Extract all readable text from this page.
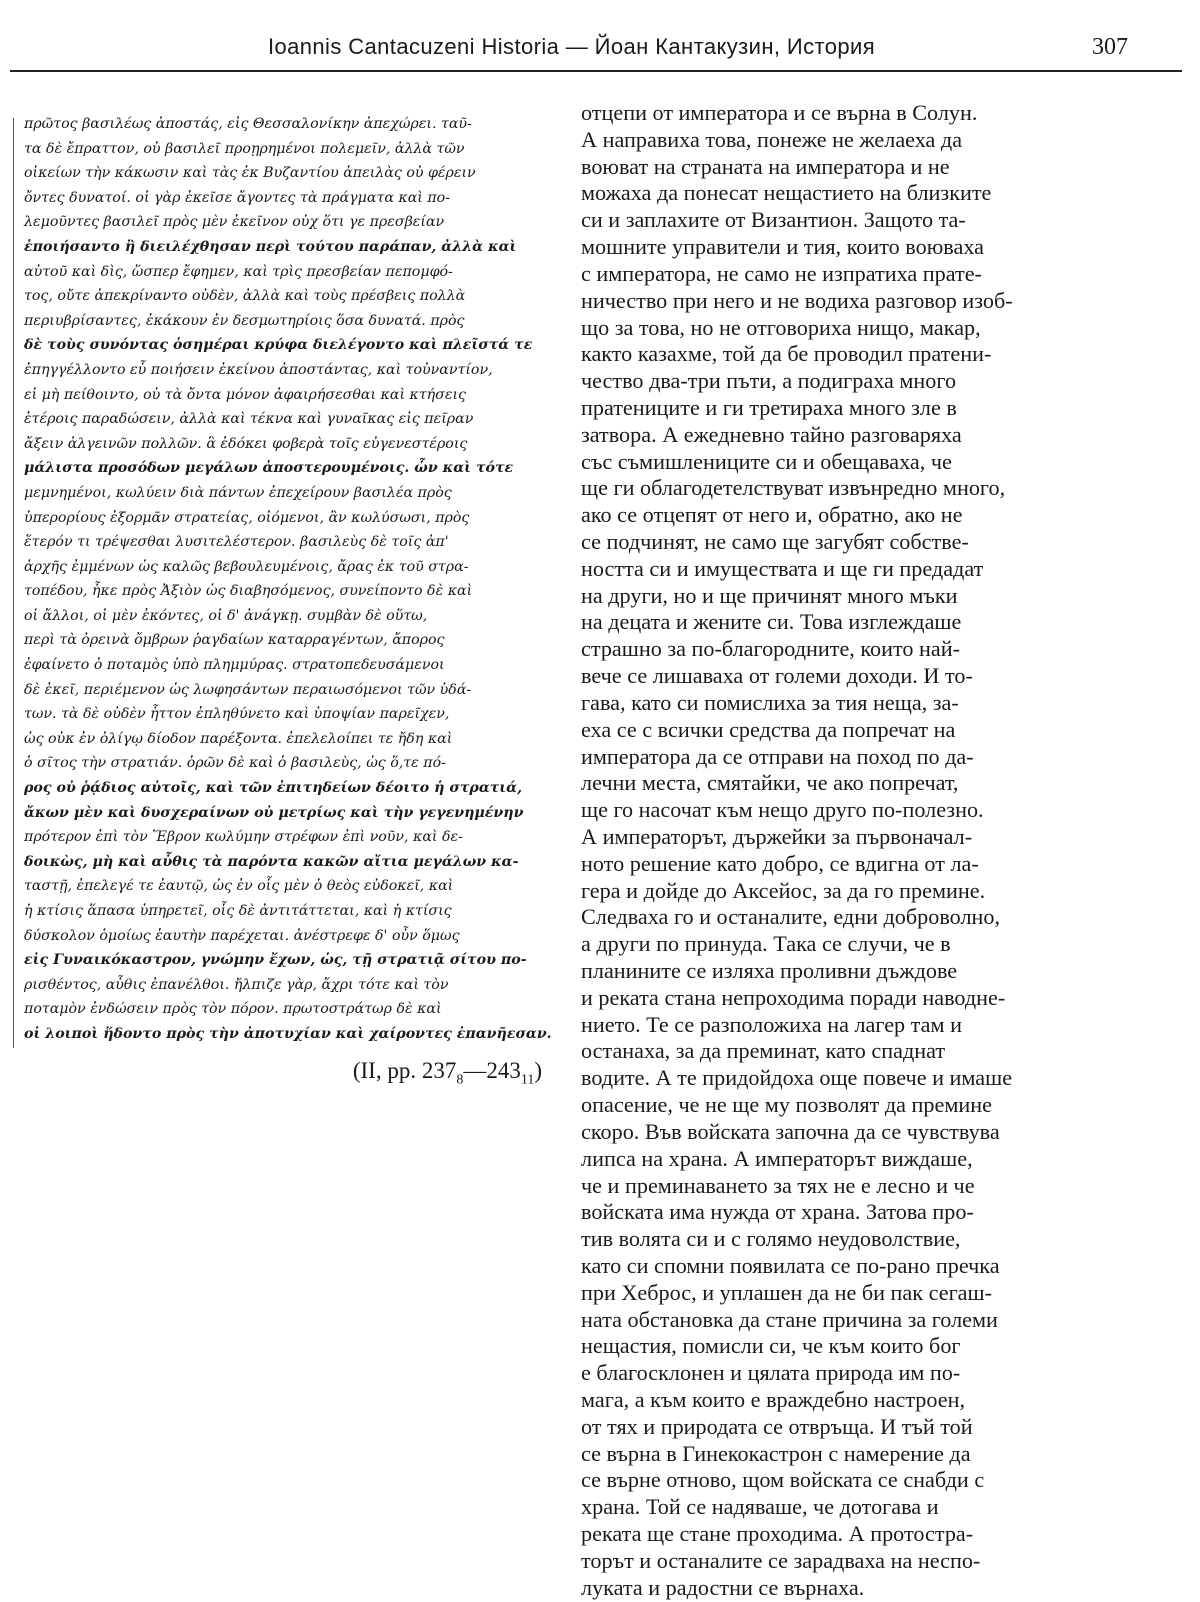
Ioannis Cantacuzeni Historia — Йоан Кантакузин, История	307
πρῶτος βασιλέως ἀποστάς, εἰς Θεσσαλονίκην ἀπεχώρει. ταῦ-
τα δὲ ἔπραττον, οὐ βασιλεῖ προῃρημένοι πολεμεῖν, ἀλλὰ τῶν
οἰκείων τὴν κάκωσιν καὶ τὰς ἐκ Βυζαντίου ἀπειλὰς οὐ φέρειν
ὄντες δυνατοί. οἱ γὰρ ἐκεῖσε ἄγοντες τὰ πράγματα καὶ πο-
λεμοῦντες βασιλεῖ πρὸς μὲν ἐκεῖνον οὐχ ὅτι γε πρεσβείαν
ἐποιήσαντο ἢ διειλέχθησαν περὶ τούτου παράπαν, ἀλλὰ καὶ
αὐτοῦ καὶ δὶς, ὥσπερ ἔφημεν, καὶ τρὶς πρεσβείαν πεπομφό-
τος, οὔτε ἀπεκρίναντο οὐδὲν, ἀλλὰ καὶ τοὺς πρέσβεις πολλὰ
περιυβρίσαντες, ἐκάκουν ἐν δεσμωτηρίοις ὅσα δυνατά. πρὸς
δὲ τοὺς συνόντας ὁσημέραι κρύφα διελέγοντο καὶ πλεῖστά τε
ἐπηγγέλλοντο εὖ ποιήσειν ἐκείνου ἀποστάντας, καὶ τοὐναντίον,
εἰ μὴ πείθοιντο, οὐ τὰ ὄντα μόνον ἀφαιρήσεσθαι καὶ κτήσεις
ἑτέροις παραδώσειν, ἀλλὰ καὶ τέκνα καὶ γυναῖκας εἰς πεῖραν
ἄξειν ἀλγεινῶν πολλῶν. ἃ ἐδόκει φοβερὰ τοῖς εὐγενεστέροις
μάλιστα προσόδων μεγάλων ἀποστερουμένοις. ὧν καὶ τότε
μεμνημένοι, κωλύειν διὰ πάντων ἐπεχείρουν βασιλέα πρὸς
ὑπερορίους ἐξορμᾶν στρατείας, οἰόμενοι, ἂν κωλύσωσι, πρὸς
ἕτερόν τι τρέψεσθαι λυσιτελέστερον. βασιλεὺς δὲ τοῖς ἀπ'
ἀρχῆς ἐμμένων ὡς καλῶς βεβουλευμένοις, ἄρας ἐκ τοῦ στρα-
τοπέδου, ἧκε πρὸς Ἀξιὸν ὡς διαβησόμενος, συνείποντο δὲ καὶ
οἱ ἄλλοι, οἱ μὲν ἑκόντες, οἱ δ' ἀνάγκῃ. συμβὰν δὲ οὕτω,
περὶ τὰ ὀρεινὰ ὄμβρων ῥαγδαίων καταρραγέντων, ἄπορος
ἐφαίνετο ὁ ποταμὸς ὑπὸ πλημμύρας. στρατοπεδευσάμενοι
δὲ ἐκεῖ, περιέμενον ὡς λωφησάντων περαιωσόμενοι τῶν ὑδά-
των. τὰ δὲ οὐδὲν ἧττον ἐπληθύνετο καὶ ὑποψίαν παρεῖχεν,
ὡς οὐκ ἐν ὀλίγῳ δίοδον παρέξοντα. ἐπελελοίπει τε ἤδη καὶ
ὁ σῖτος τὴν στρατιάν. ὁρῶν δὲ καὶ ὁ βασιλεὺς, ὡς ὅ,τε πό-
ρος οὐ ῥᾴδιος αὐτοῖς, καὶ τῶν ἐπιτηδείων δέοιτο ἡ στρατιά,
ἄκων μὲν καὶ δυσχεραίνων οὐ μετρίως καὶ τὴν γεγενημένην
πρότερον ἐπὶ τὸν Ἕβρον κωλύμην στρέφων ἐπὶ νοῦν, καὶ δε-
δοικὼς, μὴ καὶ αὖθις τὰ παρόντα κακῶν αἴτια μεγάλων κα-
ταστῇ, ἐπελεγέ τε ἑαυτῷ, ὡς ἐν οἷς μὲν ὁ θεὸς εὐδοκεῖ, καὶ
ἡ κτίσις ἅπασα ὑπηρετεῖ, οἷς δὲ ἀντιτάττεται, καὶ ἡ κτίσις
δύσκολον ὁμοίως ἑαυτὴν παρέχεται. ἀνέστρεφε δ' οὖν ὅμως
εἰς Γυναικόκαστρον, γνώμην ἔχων, ὡς, τῇ στρατιᾷ σίτου πο-
ρισθέντος, αὖθις ἐπανέλθοι. ἤλπιζε γὰρ, ἄχρι τότε καὶ τὸν
ποταμὸν ἐνδώσειν πρὸς τὸν πόρον. πρωτοστράτωρ δὲ καὶ
οἱ λοιποὶ ἥδοντο πρὸς τὴν ἀποτυχίαν καὶ χαίροντες ἐπανῆεσαν.
(II, pp. $237_8—243_{11}$)
отцепи от императора и се върна в Солун.
А направиха това, понеже не желаеха да
воюват на страната на императора и не
можаха да понесат нещастието на близките
си и заплахите от Византион. Защото та-
мошните управители и тия, които воюваха
с императора, не само не изпратиха прате-
ничество при него и не водиха разговор изоб-
що за това, но не отговориха нищо, макар,
както казахме, той да бе проводил пратени-
чество два-три пъти, а подиграха много
пратениците и ги третираха много зле в
затвора. А ежедневно тайно разговаряха
със съмишлениците си и обещаваха, че
ще ги облагодетелствуват извънредно много,
ако се отцепят от него и, обратно, ако не
се подчинят, не само ще загубят собстве-
ността си и имуществата и ще ги предадат
на други, но и ще причинят много мъки
на децата и жените си. Това изглеждаше
страшно за по-благородните, които най-
вече се лишаваха от големи доходи. И то-
гава, като си помислиха за тия неща, за-
еха се с всички средства да попречат на
императора да се отправи на поход по да-
лечни места, смятайки, че ако попречат,
ще го насочат към нещо друго по-полезно.
А императорът, държейки за първоначал-
ното решение като добро, се вдигна от ла-
гера и дойде до Аксейос, за да го премине.
Следваха го и останалите, едни доброволно,
а други по принуда. Така се случи, че в
планините се изляха проливни дъждове
и реката стана непроходима поради наводне-
нието. Те се разположиха на лагер там и
останаха, за да преминат, като спаднат
водите. А те придойдоха още повече и имаше
опасение, че не ще му позволят да премине
скоро. Във войската започна да се чувствува
липса на храна. А императорът виждаше,
че и преминаването за тях не е лесно и че
войската има нужда от храна. Затова про-
тив волята си и с голямо неудоволствие,
като си спомни появилата се по-рано пречка
при Хеброс, и уплашен да не би пак сегаш-
ната обстановка да стане причина за големи
нещастия, помисли си, че към които бог
е благосклонен и цялата природа им по-
мага, а към които е враждебно настроен,
от тях и природата се отвръща. И тъй той
се върна в Гинекокастрон с намерение да
се върне отново, щом войската се снабди с
храна. Той се надяваше, че дотогава и
реката ще стане проходима. А протостра-
торът и останалите се зарадваха на неспо-
луката и радостни се върнаха.
